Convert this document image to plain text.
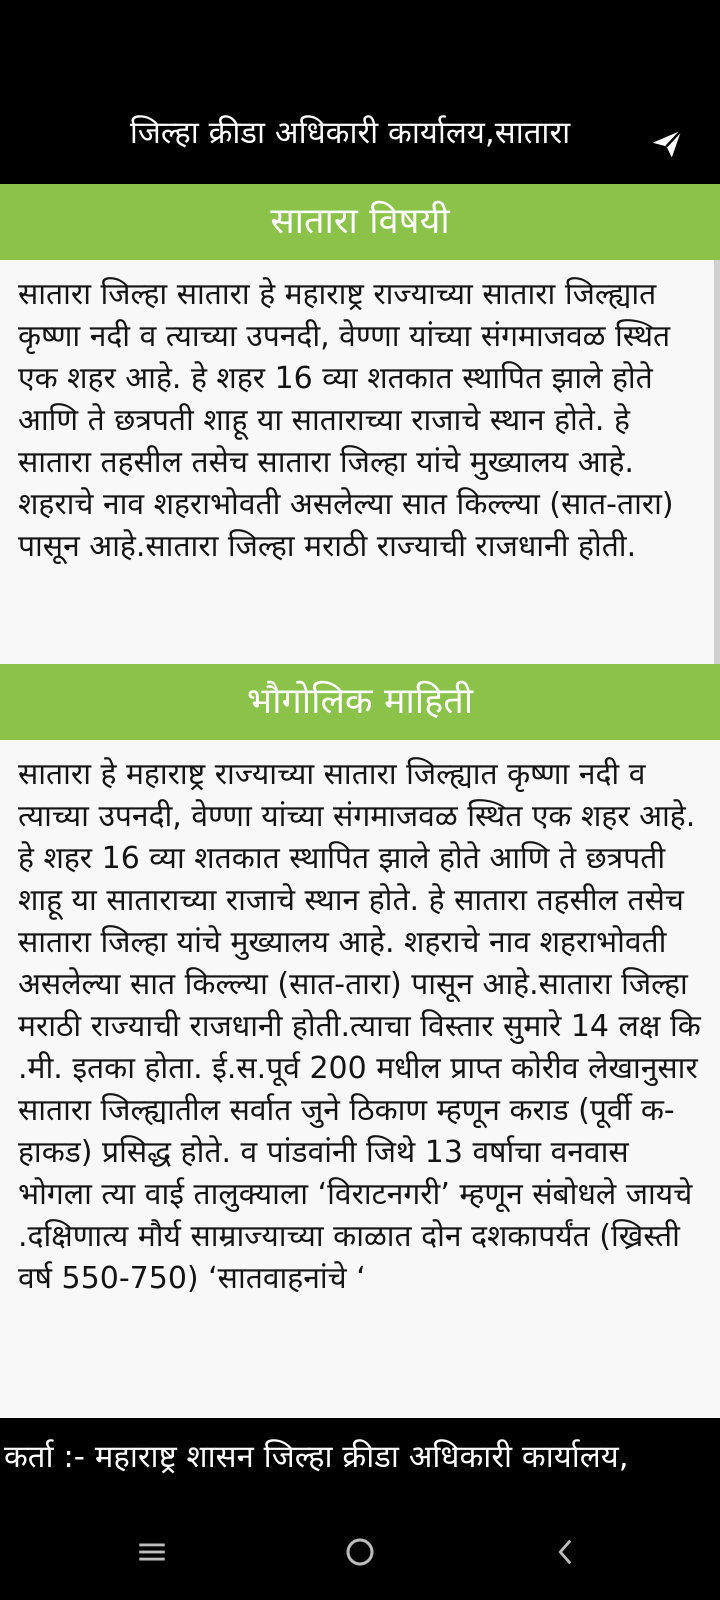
जिल्हा क्रीडा अधिकारी कार्यालय,सातारा
सातारा विषयी
सातारा जिल्हा सातारा हे महाराष्ट्र राज्याच्या सातारा जिल्ह्यात कृष्णा नदी व त्याच्या उपनदी, वेण्णा यांच्या संगमाजवळ स्थित एक शहर आहे. हे शहर 16 व्या शतकात स्थापित झाले होते आणि ते छत्रपती शाहू या साताराच्या राजाचे स्थान होते. हे सातारा तहसील तसेच सातारा जिल्हा यांचे मुख्यालय आहे. शहराचे नाव शहराभोवती असलेल्या सात किल्ल्या (सात-तारा) पासून आहे.सातारा जिल्हा मराठी राज्याची राजधानी होती.
भौगोलिक माहिती
सातारा हे महाराष्ट्र राज्याच्या सातारा जिल्ह्यात कृष्णा नदी व त्याच्या उपनदी, वेण्णा यांच्या संगमाजवळ स्थित एक शहर आहे. हे शहर 16 व्या शतकात स्थापित झाले होते आणि ते छत्रपती शाहू या साताराच्या राजाचे स्थान होते. हे सातारा तहसील तसेच सातारा जिल्हा यांचे मुख्यालय आहे. शहराचे नाव शहराभोवती असलेल्या सात किल्ल्या (सात-तारा) पासून आहे.सातारा जिल्हा मराठी राज्याची राजधानी होती.त्याचा विस्तार सुमारे 14 लक्ष कि .मी. इतका होता. ई.स.पूर्व 200 मधील प्राप्त कोरीव लेखानुसार सातारा जिल्ह्यातील सर्वात जुने ठिकाण म्हणून कराड (पूर्वी क-हाकड) प्रसिद्ध होते. व पांडवांनी जिथे 13 वर्षाचा वनवास भोगला त्या वाई तालुक्याला ‘विराटनगरी’ म्हणून संबोधले जायचे .दक्षिणात्य मौर्य साम्राज्याच्या काळात दोन दशकापर्यंत (ख्रिस्ती वर्ष 550-750) ‘सातवाहनांचे ‘
कर्ता :- महाराष्ट्र शासन जिल्हा क्रीडा अधिकारी कार्यालय,
